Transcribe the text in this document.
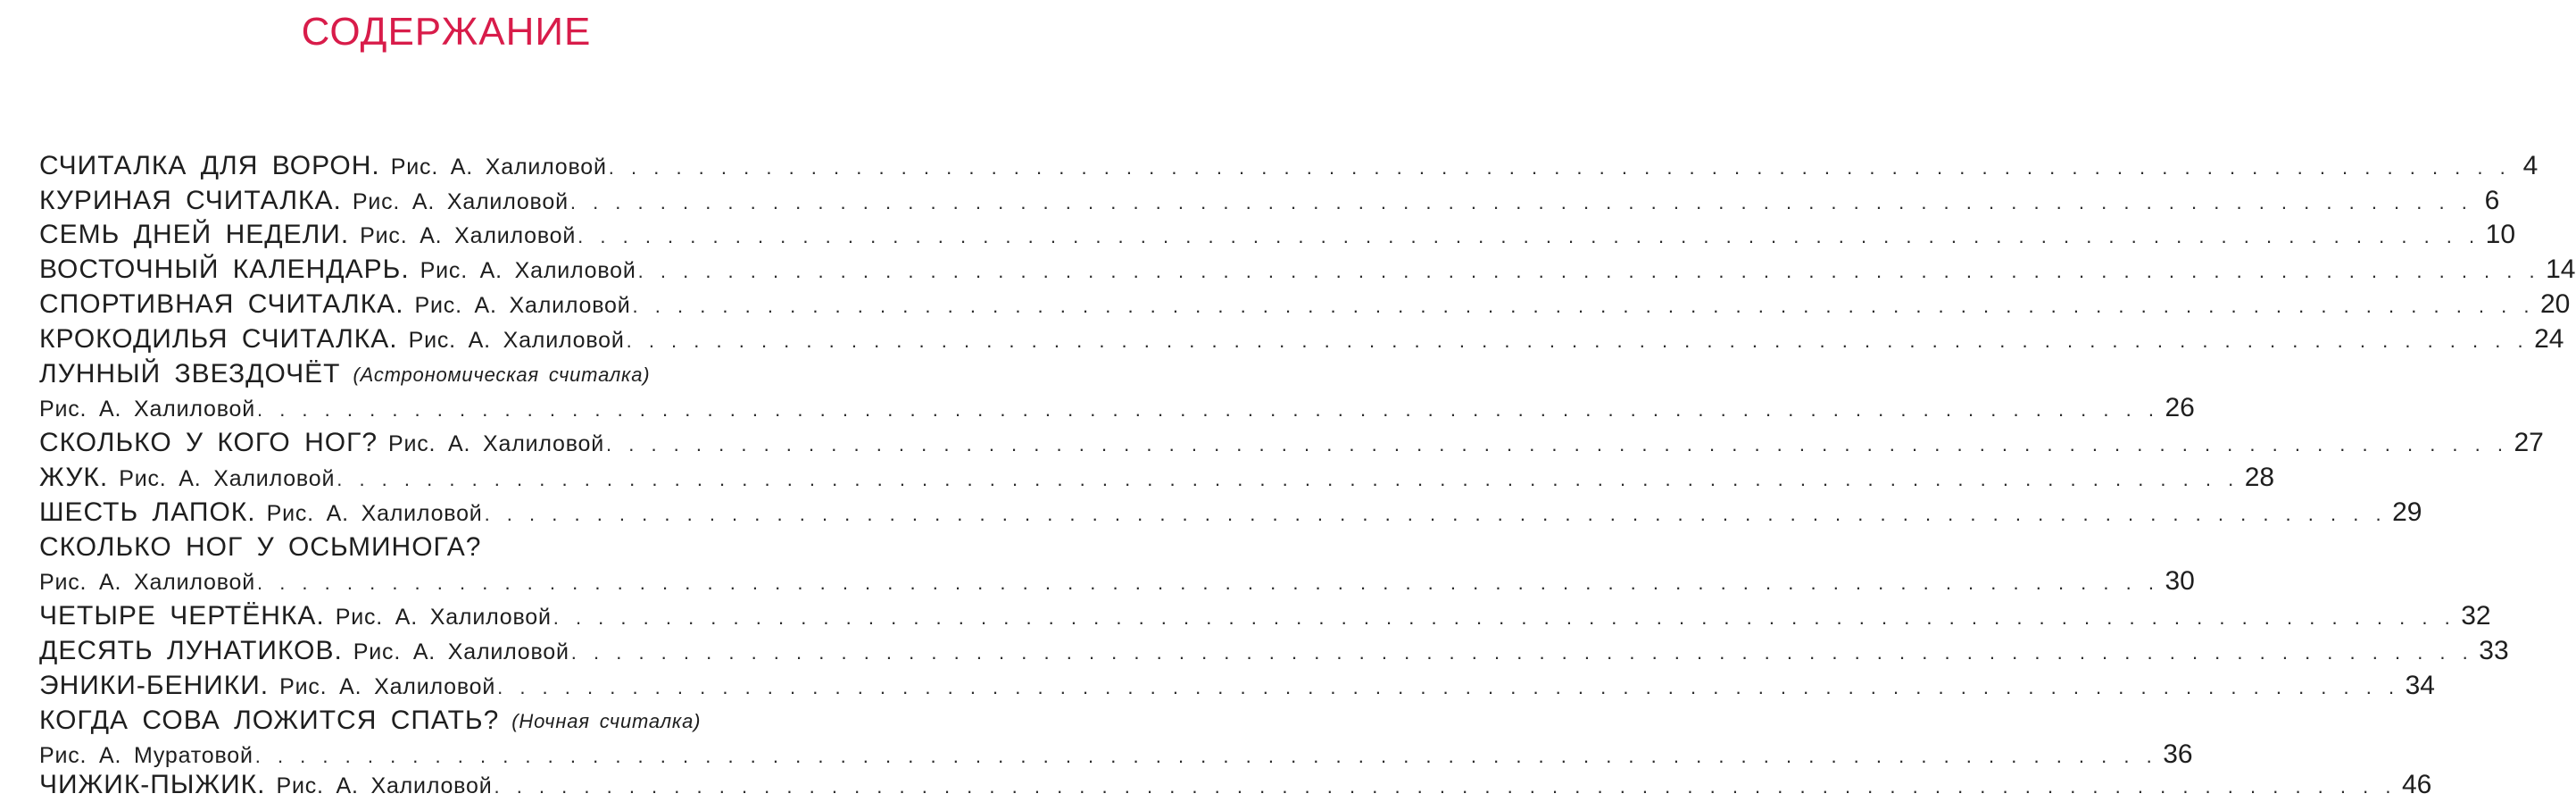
СОДЕРЖАНИЕ
СЧИТАЛКА ДЛЯ ВОРОН. Рис. А. Халиловой . . . . . . . . . . . . . . . . . . . . . . . . . . . . . . . . . . . . . . . . . . . . . . . . . . . . . . . . . . . . . . . . . . . . . . . . . . . . . . . . . . . . . 4
КУРИНАЯ СЧИТАЛКА. Рис. А. Халиловой . . . . . . . . . . . . . . . . . . . . . . . . . . . . . . . . . . . . . . . . . . . . . . . . . . . . . . . . . . . . . . . . . . . . . . . . . . . . . . . . . . . . . 6
СЕМЬ ДНЕЙ НЕДЕЛИ. Рис. А. Халиловой . . . . . . . . . . . . . . . . . . . . . . . . . . . . . . . . . . . . . . . . . . . . . . . . . . . . . . . . . . . . . . . . . . . . . . . . . . . . . . . . . . . . . 10
ВОСТОЧНЫЙ КАЛЕНДАРЬ. Рис. А. Халиловой . . . . . . . . . . . . . . . . . . . . . . . . . . . . . . . . . . . . . . . . . . . . . . . . . . . . . . . . . . . . . . . . . . . . . . . . . . . . . . . . . . . . . 14
СПОРТИВНАЯ СЧИТАЛКА. Рис. А. Халиловой . . . . . . . . . . . . . . . . . . . . . . . . . . . . . . . . . . . . . . . . . . . . . . . . . . . . . . . . . . . . . . . . . . . . . . . . . . . . . . . . . . . . . 20
КРОКОДИЛЬЯ СЧИТАЛКА. Рис. А. Халиловой . . . . . . . . . . . . . . . . . . . . . . . . . . . . . . . . . . . . . . . . . . . . . . . . . . . . . . . . . . . . . . . . . . . . . . . . . . . . . . . . . . . . . 24
ЛУННЫЙ ЗВЕЗДОЧЁТ (Астрономическая считалка)
Рис. А. Халиловой . . . . . . . . . . . . . . . . . . . . . . . . . . . . . . . . . . . . . . . . . . . . . . . . . . . . . . . . . . . . . . . . . . . . . . . . . . . . . . . . . . . . . 26
СКОЛЬКО У КОГО НОГ? Рис. А. Халиловой . . . . . . . . . . . . . . . . . . . . . . . . . . . . . . . . . . . . . . . . . . . . . . . . . . . . . . . . . . . . . . . . . . . . . . . . . . . . . . . . . . . . . 27
ЖУК. Рис. А. Халиловой . . . . . . . . . . . . . . . . . . . . . . . . . . . . . . . . . . . . . . . . . . . . . . . . . . . . . . . . . . . . . . . . . . . . . . . . . . . . . . . . . . . . . 28
ШЕСТЬ ЛАПОК. Рис. А. Халиловой . . . . . . . . . . . . . . . . . . . . . . . . . . . . . . . . . . . . . . . . . . . . . . . . . . . . . . . . . . . . . . . . . . . . . . . . . . . . . . . . . . . . . 29
СКОЛЬКО НОГ У ОСЬМИНОГА?
Рис. А. Халиловой . . . . . . . . . . . . . . . . . . . . . . . . . . . . . . . . . . . . . . . . . . . . . . . . . . . . . . . . . . . . . . . . . . . . . . . . . . . . . . . . . . . . . 30
ЧЕТЫРЕ ЧЕРТЁНКА. Рис. А. Халиловой . . . . . . . . . . . . . . . . . . . . . . . . . . . . . . . . . . . . . . . . . . . . . . . . . . . . . . . . . . . . . . . . . . . . . . . . . . . . . . . . . . . . . 32
ДЕСЯТЬ ЛУНАТИКОВ. Рис. А. Халиловой . . . . . . . . . . . . . . . . . . . . . . . . . . . . . . . . . . . . . . . . . . . . . . . . . . . . . . . . . . . . . . . . . . . . . . . . . . . . . . . . . . . . . 33
ЭНИКИ-БЕНИКИ. Рис. А. Халиловой . . . . . . . . . . . . . . . . . . . . . . . . . . . . . . . . . . . . . . . . . . . . . . . . . . . . . . . . . . . . . . . . . . . . . . . . . . . . . . . . . . . . . 34
КОГДА СОВА ЛОЖИТСЯ СПАТЬ? (Ночная считалка)
Рис. А. Муратовой . . . . . . . . . . . . . . . . . . . . . . . . . . . . . . . . . . . . . . . . . . . . . . . . . . . . . . . . . . . . . . . . . . . . . . . . . . . . . . . . . . . . . 36
ЧИЖИК-ПЫЖИК. Рис. А. Халиловой . . . . . . . . . . . . . . . . . . . . . . . . . . . . . . . . . . . . . . . . . . . . . . . . . . . . . . . . . . . . . . . . . . . . . . . . . . . . . . . . . . . . . 46
